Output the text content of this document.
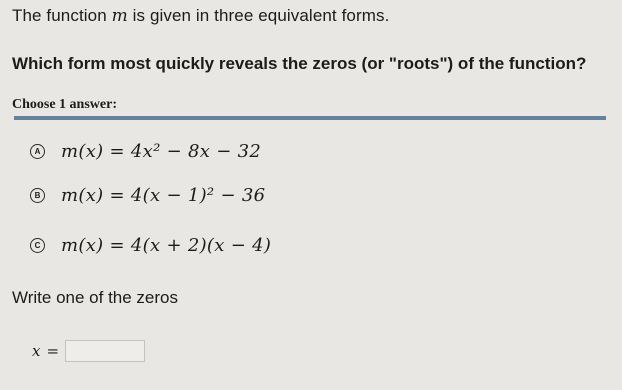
The function m is given in three equivalent forms.
Which form most quickly reveals the zeros (or "roots") of the function?
Choose 1 answer:
A m(x) = 4x² − 8x − 32
B m(x) = 4(x − 1)² − 36
C m(x) = 4(x + 2)(x − 4)
Write one of the zeros
x =
